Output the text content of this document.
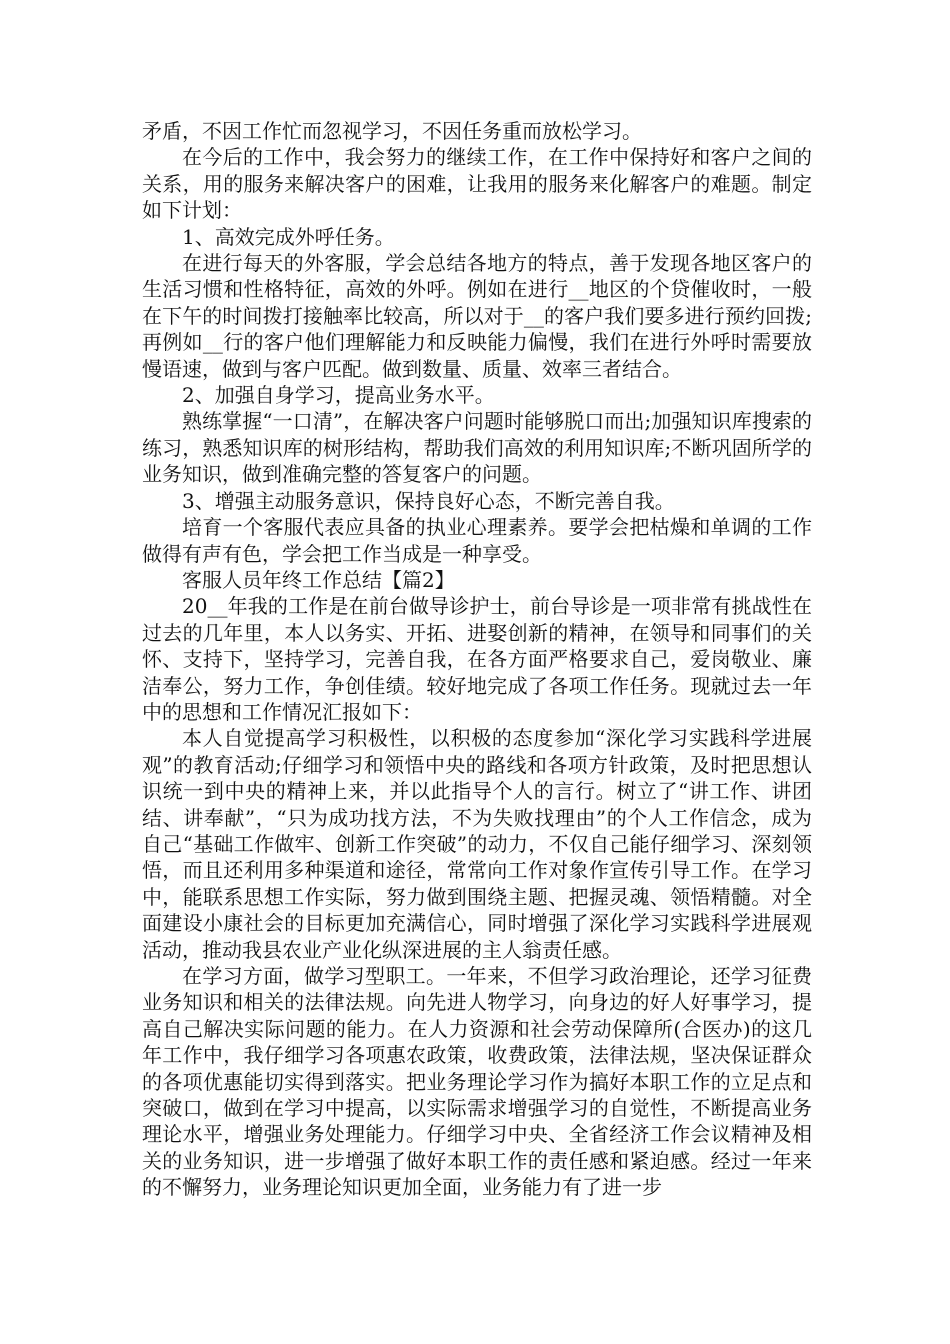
矛盾，不因工作忙而忽视学习，不因任务重而放松学习。

在今后的工作中，我会努力的继续工作，在工作中保持好和客户之间的关系，用的服务来解决客户的困难，让我用的服务来化解客户的难题。制定如下计划：

1、高效完成外呼任务。

在进行每天的外客服，学会总结各地方的特点，善于发现各地区客户的生活习惯和性格特征，高效的外呼。例如在进行__地区的个贷催收时，一般在下午的时间拨打接触率比较高，所以对于__的客户我们要多进行预约回拨;再例如__行的客户他们理解能力和反映能力偏慢，我们在进行外呼时需要放慢语速，做到与客户匹配。做到数量、质量、效率三者结合。

2、加强自身学习，提高业务水平。

熟练掌握“一口清”，在解决客户问题时能够脱口而出;加强知识库搜索的练习，熟悉知识库的树形结构，帮助我们高效的利用知识库;不断巩固所学的业务知识，做到准确完整的答复客户的问题。

3、增强主动服务意识，保持良好心态，不断完善自我。

培育一个客服代表应具备的执业心理素养。要学会把枯燥和单调的工作做得有声有色，学会把工作当成是一种享受。

客服人员年终工作总结【篇2】

20__年我的工作是在前台做导诊护士，前台导诊是一项非常有挑战性在过去的几年里，本人以务实、开拓、进娶创新的精神，在领导和同事们的关怀、支持下，坚持学习，完善自我，在各方面严格要求自己，爱岗敬业、廉洁奉公，努力工作，争创佳绩。较好地完成了各项工作任务。现就过去一年中的思想和工作情况汇报如下：

本人自觉提高学习积极性，以积极的态度参加“深化学习实践科学进展观”的教育活动;仔细学习和领悟中央的路线和各项方针政策，及时把思想认识统一到中央的精神上来，并以此指导个人的言行。树立了“讲工作、讲团结、讲奉献”，“只为成功找方法，不为失败找理由”的个人工作信念，成为自己“基础工作做牢、创新工作突破”的动力，不仅自己能仔细学习、深刻领悟，而且还利用多种渠道和途径，常常向工作对象作宣传引导工作。在学习中，能联系思想工作实际，努力做到围绕主题、把握灵魂、领悟精髓。对全面建设小康社会的目标更加充满信心，同时增强了深化学习实践科学进展观活动，推动我县农业产业化纵深进展的主人翁责任感。

在学习方面，做学习型职工。一年来，不但学习政治理论，还学习征费业务知识和相关的法律法规。向先进人物学习，向身边的好人好事学习，提高自己解决实际问题的能力。在人力资源和社会劳动保障所(合医办)的这几年工作中，我仔细学习各项惠农政策，收费政策，法律法规，坚决保证群众的各项优惠能切实得到落实。把业务理论学习作为搞好本职工作的立足点和突破口，做到在学习中提高，以实际需求增强学习的自觉性，不断提高业务理论水平，增强业务处理能力。仔细学习中央、全省经济工作会议精神及相关的业务知识，进一步增强了做好本职工作的责任感和紧迫感。经过一年来的不懈努力，业务理论知识更加全面，业务能力有了进一步
